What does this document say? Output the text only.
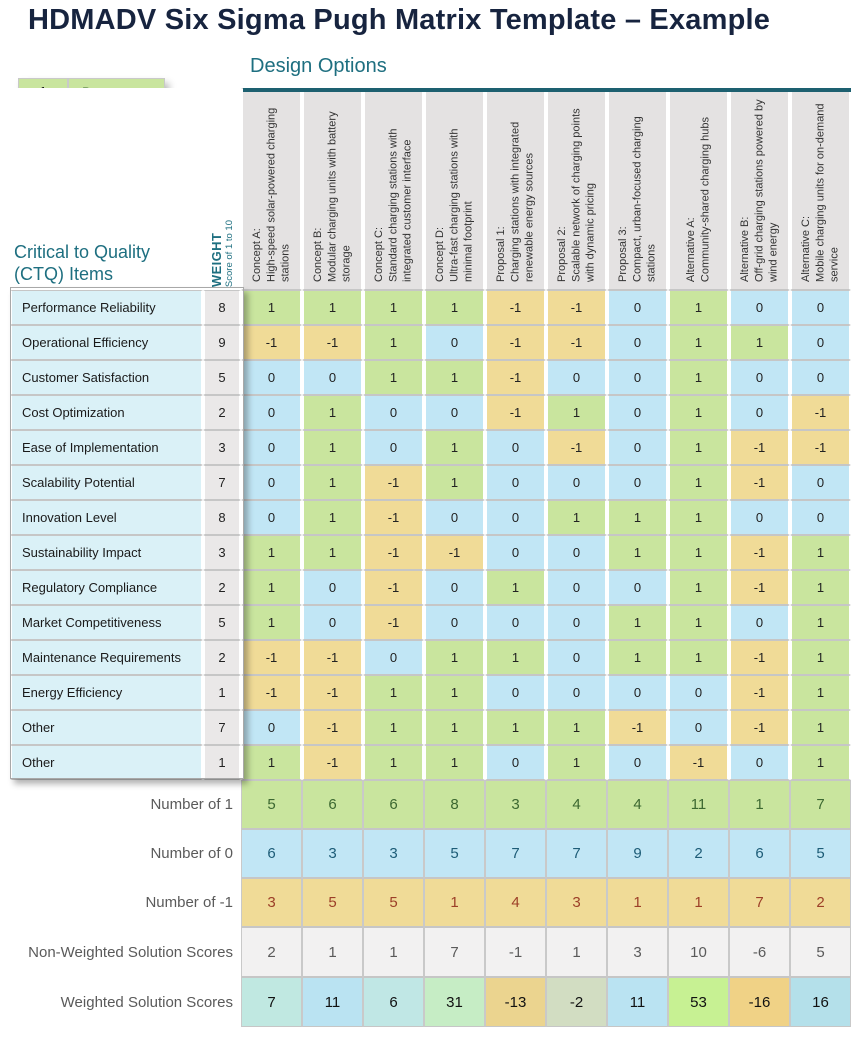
HDMADV Six Sigma Pugh Matrix Template – Example

Design Options
Critical to Quality (CTQ) Items	WEIGHT Score of 1 to 10	Concept A: High-speed solar-powered charging stations	Concept B: Modular charging units with battery storage	Concept C: Standard charging stations with integrated customer interface	Concept D: Ultra-fast charging stations with minimal footprint	Proposal 1: Charging stations with integrated renewable energy sources	Proposal 2: Scalable network of charging points with dynamic pricing	Proposal 3: Compact, urban-focused charging stations	Alternative A: Community-shared charging hubs	Alternative B: Off-grid charging stations powered by wind energy	Alternative C: Mobile charging units for on-demand service

Performance Reliability	8	1	1	1	1	-1	-1	0	1	0	0
Operational Efficiency	9	-1	-1	1	0	-1	-1	0	1	1	0
Customer Satisfaction	5	0	0	1	1	-1	0	0	1	0	0
Cost Optimization	2	0	1	0	0	-1	1	0	1	0	-1
Ease of Implementation	3	0	1	0	1	0	-1	0	1	-1	-1
Scalability Potential	7	0	1	-1	1	0	0	0	1	-1	0
Innovation Level	8	0	1	-1	0	0	1	1	1	0	0
Sustainability Impact	3	1	1	-1	-1	0	0	1	1	-1	1
Regulatory Compliance	2	1	0	-1	0	1	0	0	1	-1	1
Market Competitiveness	5	1	0	-1	0	0	0	1	1	0	1
Maintenance Requirements	2	-1	-1	0	1	1	0	1	1	-1	1
Energy Efficiency	1	-1	-1	1	1	0	0	0	0	-1	1
Other	7	0	-1	1	1	1	1	-1	0	-1	1
Other	1	1	-1	1	1	0	1	0	-1	0	1
Number of 1		5	6	6	8	3	4	4	11	1	7
Number of 0		6	3	3	5	7	7	9	2	6	5
Number of -1		3	5	5	1	4	3	1	1	7	2
Non-Weighted Solution Scores		2	1	1	7	-1	1	3	10	-6	5
Weighted Solution Scores		7	11	6	31	-13	-2	11	53	-16	16
